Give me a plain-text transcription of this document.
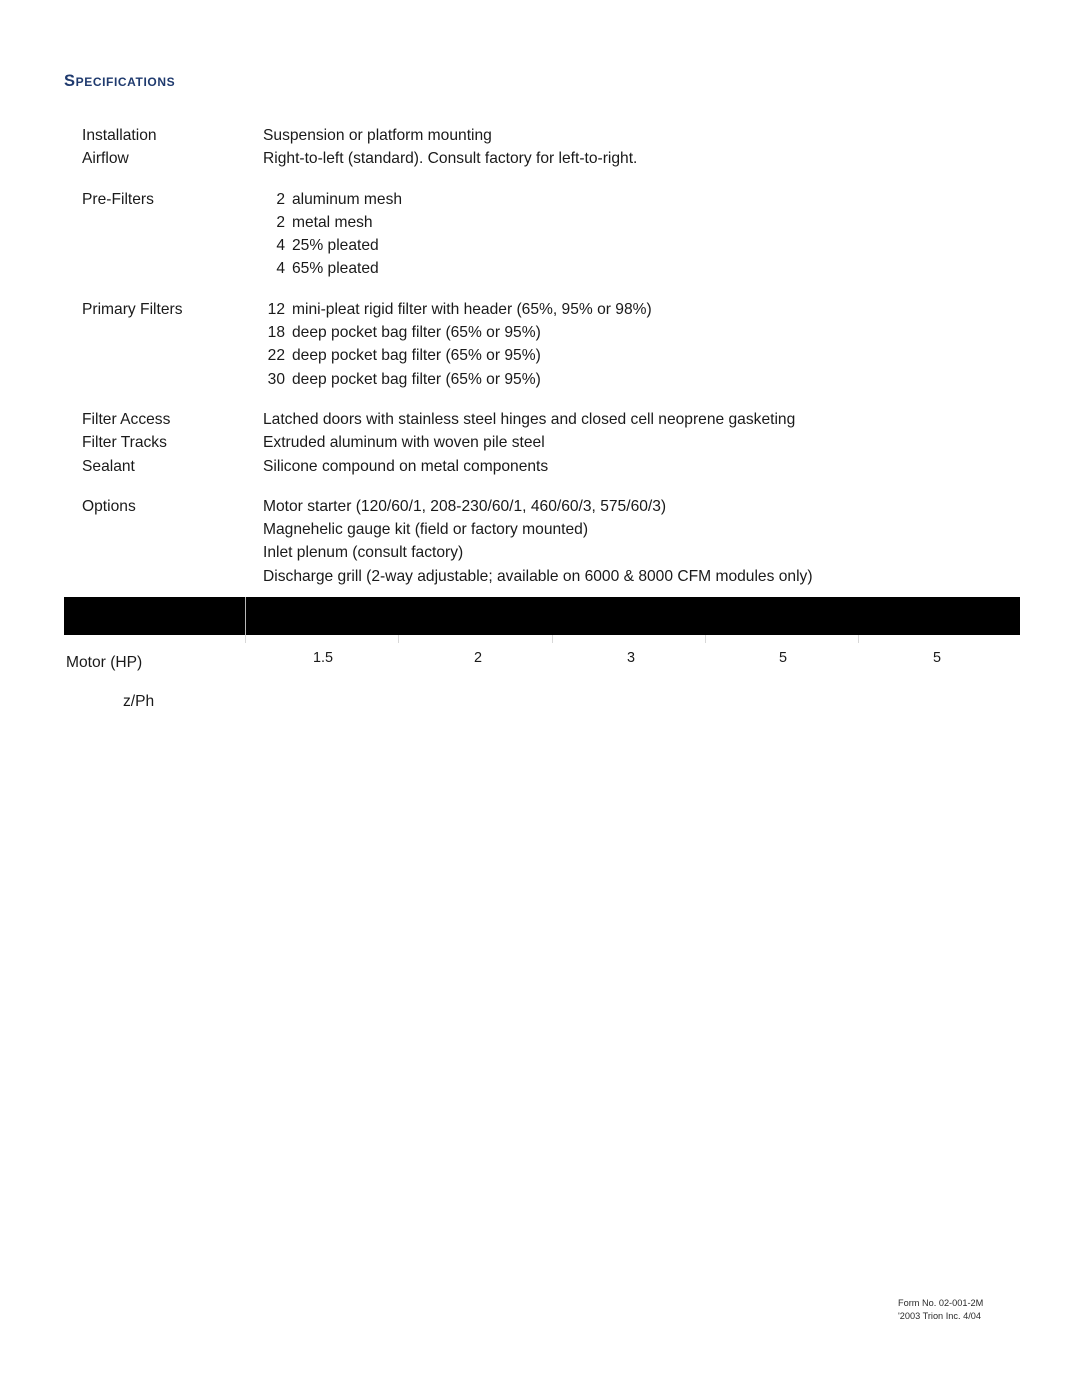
Specifications
Installation	Suspension or platform mounting
Airflow	Right-to-left (standard). Consult factory for left-to-right.
Pre-Filters	2 aluminum mesh
2 metal mesh
4 25% pleated
4 65% pleated
Primary Filters	12 mini-pleat rigid filter with header (65%, 95% or 98%)
18 deep pocket bag filter (65% or 95%)
22 deep pocket bag filter (65% or 95%)
30 deep pocket bag filter (65% or 95%)
Filter Access	Latched doors with stainless steel hinges and closed cell neoprene gasketing
Filter Tracks	Extruded aluminum with woven pile steel
Sealant	Silicone compound on metal components
Options	Motor starter (120/60/1, 208-230/60/1, 460/60/3, 575/60/3)
Magnehelic gauge kit (field or factory mounted)
Inlet plenum (consult factory)
Discharge grill (2-way adjustable; available on 6000 & 8000 CFM modules only)
Motor (HP)	1.5	2	3	5	5
z/Ph
Form No. 02-001-2M
'2003 Trion Inc. 4/04
